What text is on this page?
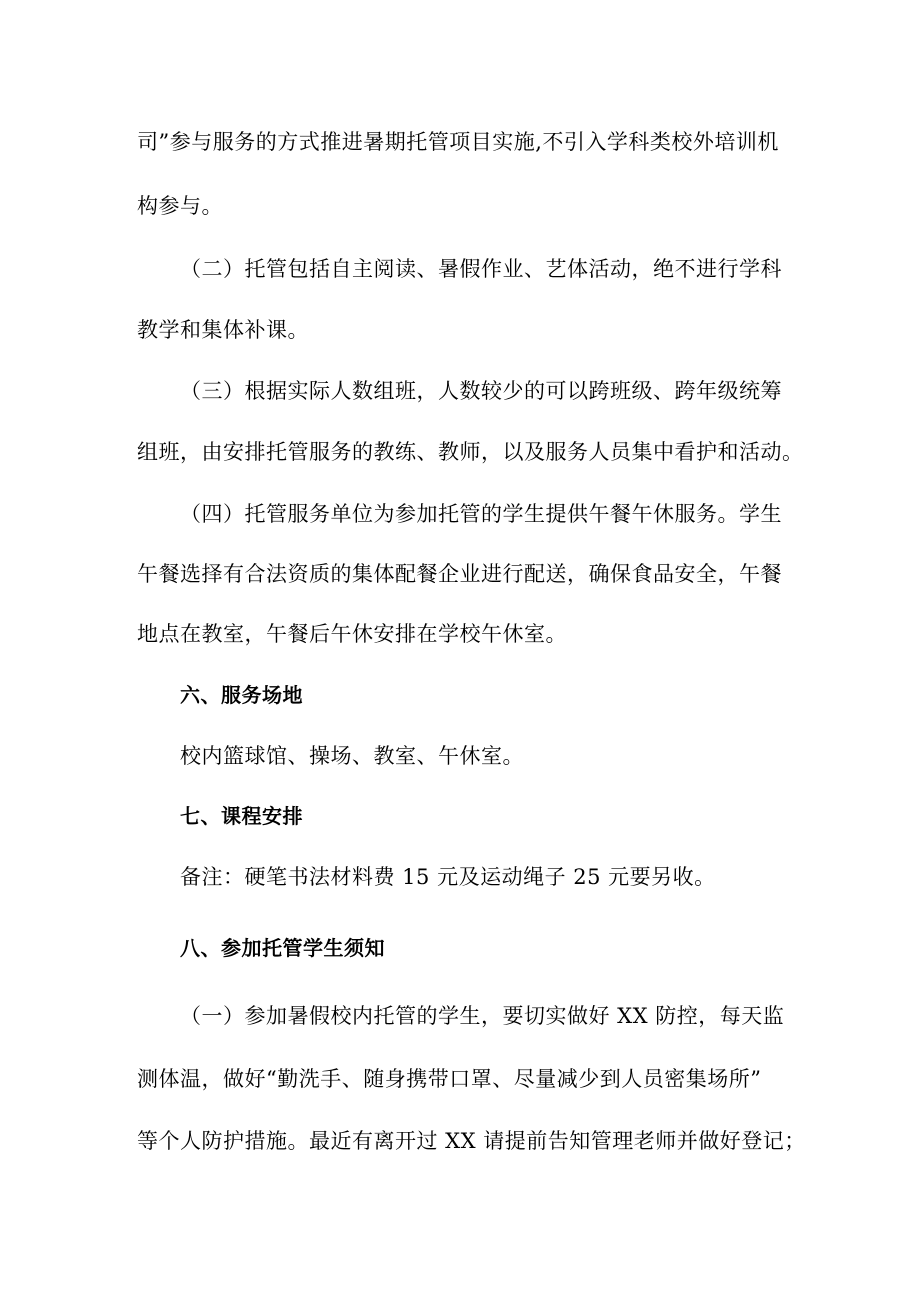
司”参与服务的方式推进暑期托管项目实施,不引入学科类校外培训机
构参与。
（二）托管包括自主阅读、暑假作业、艺体活动，绝不进行学科
教学和集体补课。
（三）根据实际人数组班，人数较少的可以跨班级、跨年级统筹
组班，由安排托管服务的教练、教师，以及服务人员集中看护和活动。
（四）托管服务单位为参加托管的学生提供午餐午休服务。学生
午餐选择有合法资质的集体配餐企业进行配送，确保食品安全，午餐
地点在教室，午餐后午休安排在学校午休室。
六、服务场地
校内篮球馆、操场、教室、午休室。
七、课程安排
备注：硬笔书法材料费 15 元及运动绳子 25 元要另收。
八、参加托管学生须知
（一）参加暑假校内托管的学生，要切实做好 XX 防控，每天监
测体温，做好“勤洗手、随身携带口罩、尽量减少到人员密集场所”
等个人防护措施。最近有离开过 XX 请提前告知管理老师并做好登记；
